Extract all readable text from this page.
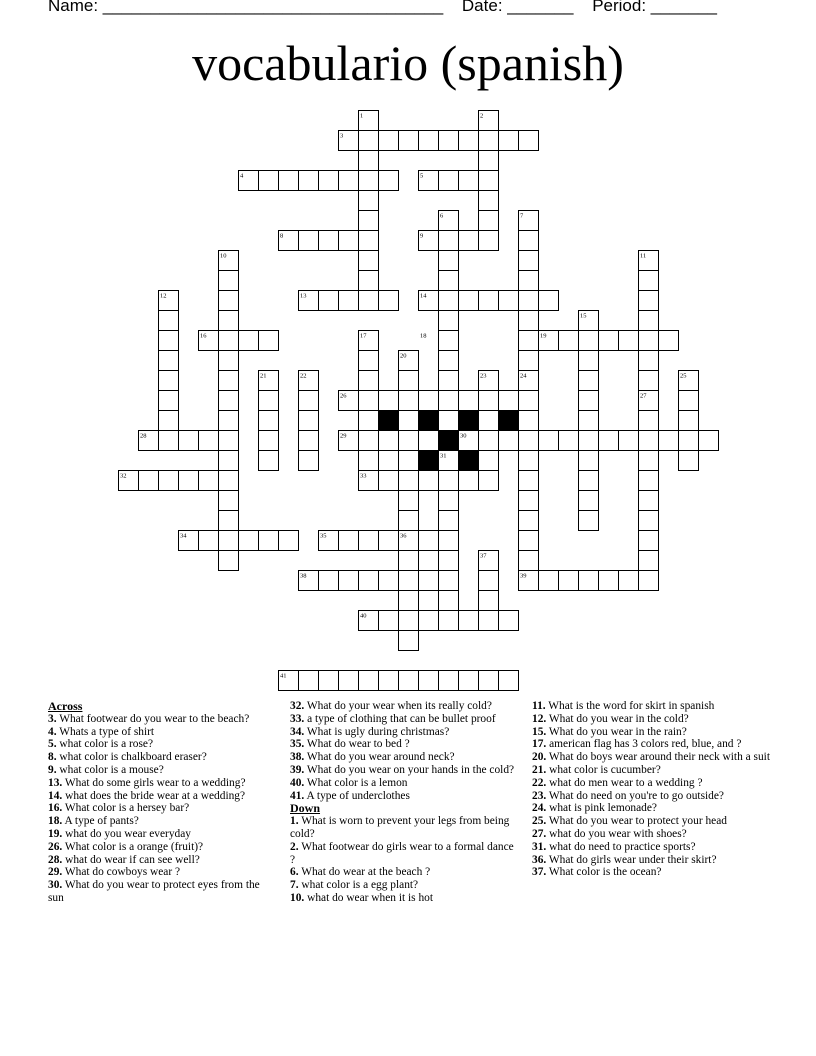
Name: ____________________________________ Date: _______ Period: _______
vocabulario (spanish)
1	2
3
4	5
6	7
8	9
10	11
12	13	14
15
16	17	18	19
20
21	22	23	24	25
26	27
28	29	30
31
32	33
34	35	36
37
38	39
40
41
Across
3. What footwear do you wear to the beach?
4. Whats a type of shirt
5. what color is a rose?
8. what color is chalkboard eraser?
9. what color is a mouse?
13. What do some girls wear to a wedding?
14. what does the bride wear at a wedding?
16. What color is a hersey bar?
18. A type of pants?
19. what do you wear everyday
26. What color is a orange (fruit)?
28. what do wear if can see well?
29. What do cowboys wear ?
30. What do you wear to protect eyes from the sun
32. What do your wear when its really cold?
33. a type of clothing that can be bullet proof
34. What is ugly during christmas?
35. What do wear to bed ?
38. What do you wear around neck?
39. What do you wear on your hands in the cold?
40. What color is a lemon
41. A type of underclothes
Down
1. What is worn to prevent your legs from being cold?
2. What footwear do girls wear to a formal dance ?
6. What do wear at the beach ?
7. what color is a egg plant?
10. what do wear when it is hot
11. What is the word for skirt in spanish
12. What do you wear in the cold?
15. What do you wear in the rain?
17. american flag has 3 colors red, blue, and ?
20. What do boys wear around their neck with a suit
21. what color is cucumber?
22. what do men wear to a wedding ?
23. What do need on you're to go outside?
24. what is pink lemonade?
25. What do you wear to protect your head
27. what do you wear with shoes?
31. what do need to practice sports?
36. What do girls wear under their skirt?
37. What color is the ocean?
